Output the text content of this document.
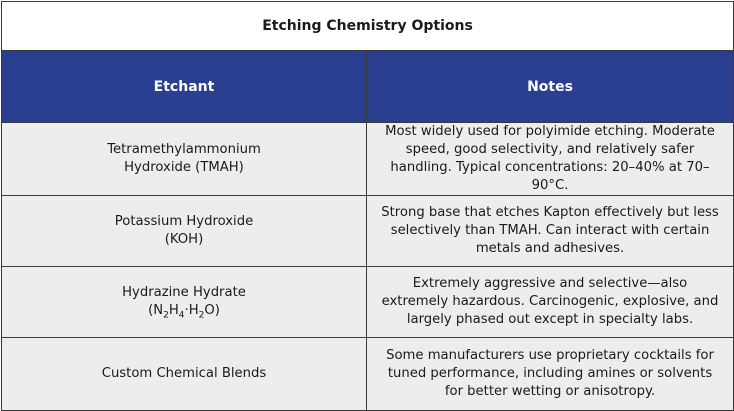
Etching Chemistry Options	
Etchant	Notes
Tetramethylammonium
Hydroxide (TMAH)	Most widely used for polyimide etching. Moderate speed, good selectivity, and relatively safer handling. Typical concentrations: 20–40% at 70–90°C.
Potassium Hydroxide
(KOH)	Strong base that etches Kapton effectively but less selectively than TMAH. Can interact with certain metals and adhesives.
Hydrazine Hydrate
$(N_2H_4\cdot H_2O)$	Extremely aggressive and selective—also extremely hazardous. Carcinogenic, explosive, and largely phased out except in specialty labs.
Custom Chemical Blends	Some manufacturers use proprietary cocktails for tuned performance, including amines or solvents for better wetting or anisotropy.
